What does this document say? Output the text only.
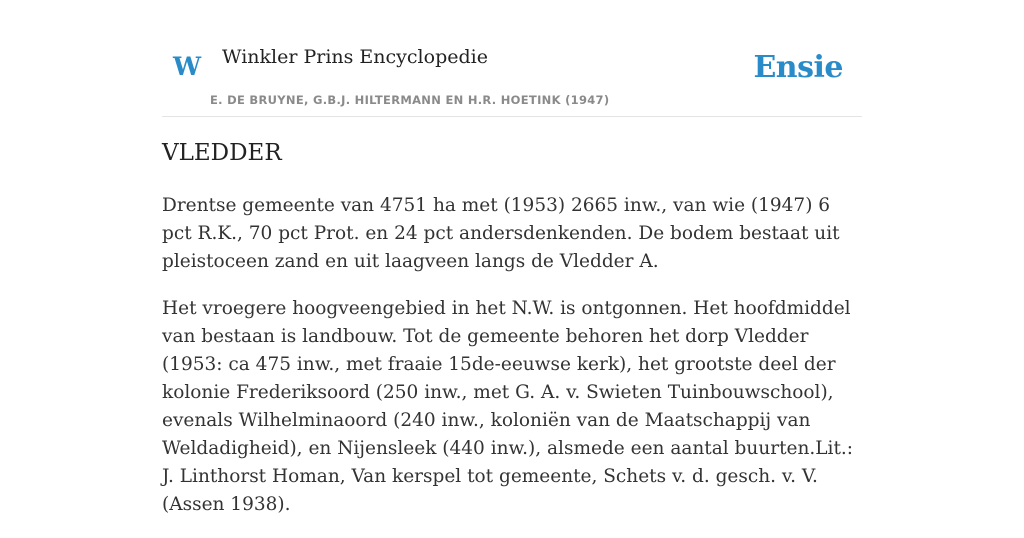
W Winkler Prins Encyclopedie
E. DE BRUYNE, G.B.J. HILTERMANN EN H.R. HOETINK (1947)
Ensie
VLEDDER

Drentse gemeente van 4751 ha met (1953) 2665 inw., van wie (1947) 6 pct R.K., 70 pct Prot. en 24 pct andersdenkenden. De bodem bestaat uit pleistoceen zand en uit laagveen langs de Vledder A.

Het vroegere hoogveengebied in het N.W. is ontgonnen. Het hoofdmiddel van bestaan is landbouw. Tot de gemeente behoren het dorp Vledder (1953: ca 475 inw., met fraaie 15de-eeuwse kerk), het grootste deel der kolonie Frederiksoord (250 inw., met G. A. v. Swieten Tuinbouwschool), evenals Wilhelminaoord (240 inw., koloniën van de Maatschappij van Weldadigheid), en Nijensleek (440 inw.), alsmede een aantal buurten.Lit.: J. Linthorst Homan, Van kerspel tot gemeente, Schets v. d. gesch. v. V. (Assen 1938).
